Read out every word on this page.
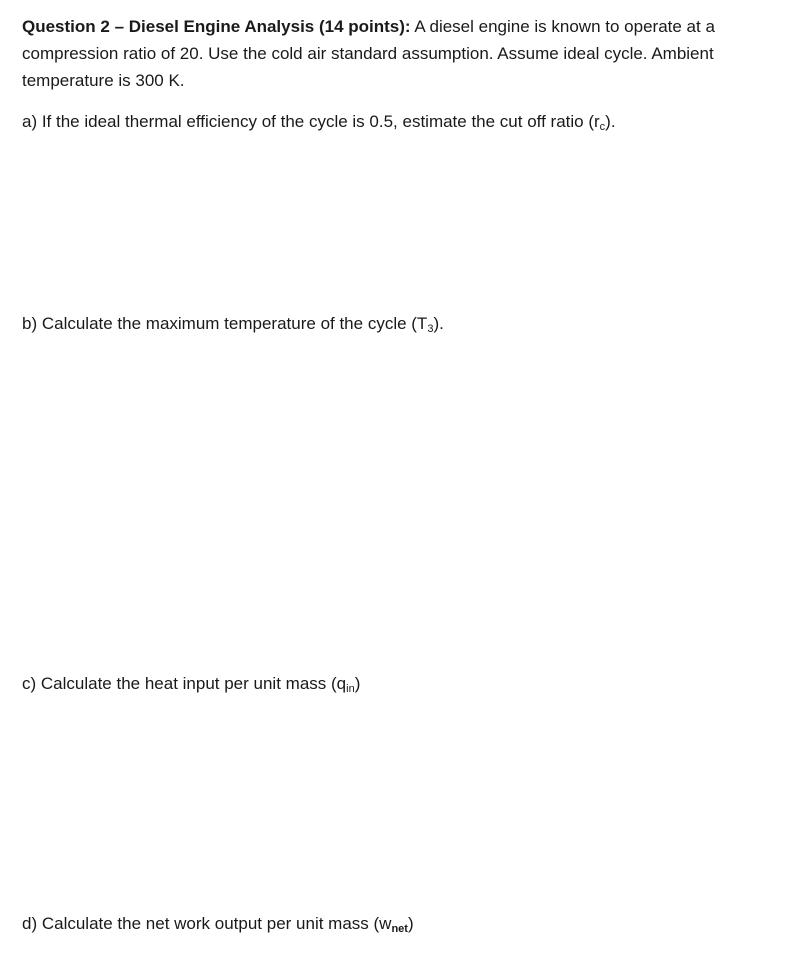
Question 2 – Diesel Engine Analysis (14 points): A diesel engine is known to operate at a compression ratio of 20. Use the cold air standard assumption. Assume ideal cycle. Ambient temperature is 300 K.

a) If the ideal thermal efficiency of the cycle is 0.5, estimate the cut off ratio $(r_c)$.

b) Calculate the maximum temperature of the cycle $(T_3)$.

c) Calculate the heat input per unit mass $(q_{in})$

d) Calculate the net work output per unit mass $(w_{net})$
